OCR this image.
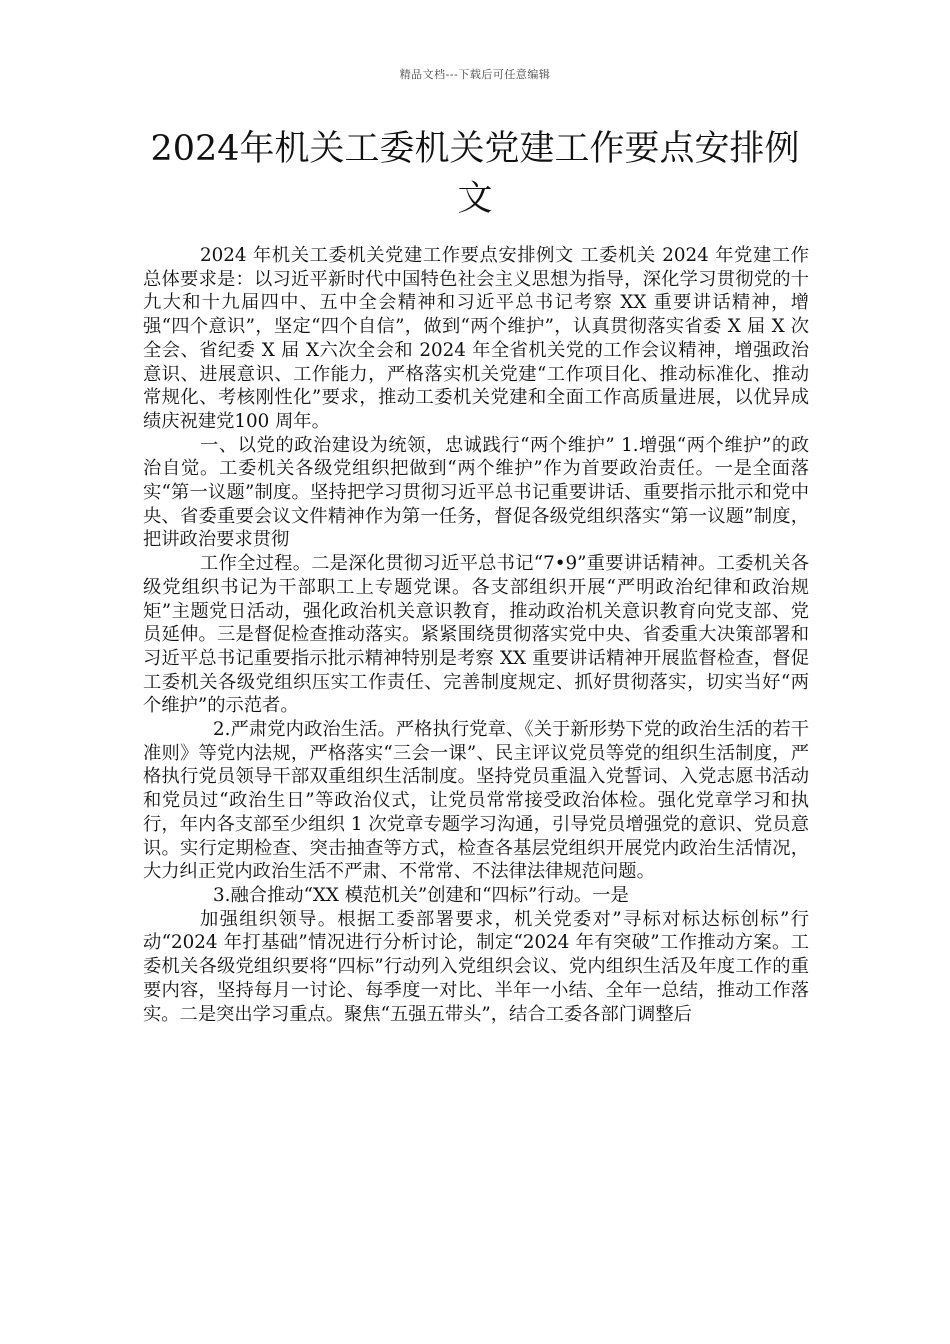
精品文档---下载后可任意编辑
2024年机关工委机关党建工作要点安排例文

2024 年机关工委机关党建工作要点安排例文 工委机关 2024 年党建工作总体要求是：以习近平新时代中国特色社会主义思想为指导，深化学习贯彻党的十九大和十九届四中、五中全会精神和习近平总书记考察 XX 重要讲话精神，增强“四个意识”，坚定“四个自信”，做到“两个维护”，认真贯彻落实省委 X 届 X 次全会、省纪委 X 届 X六次全会和 2024 年全省机关党的工作会议精神，增强政治意识、进展意识、工作能力，严格落实机关党建“工作项目化、推动标准化、推动常规化、考核刚性化”要求，推动工委机关党建和全面工作高质量进展，以优异成绩庆祝建党100 周年。

一、以党的政治建设为统领，忠诚践行“两个维护” 1.增强“两个维护”的政治自觉。工委机关各级党组织把做到“两个维护”作为首要政治责任。一是全面落实“第一议题”制度。坚持把学习贯彻习近平总书记重要讲话、重要指示批示和党中央、省委重要会议文件精神作为第一任务，督促各级党组织落实“第一议题”制度，把讲政治要求贯彻

工作全过程。二是深化贯彻习近平总书记“7•9”重要讲话精神。工委机关各级党组织书记为干部职工上专题党课。各支部组织开展“严明政治纪律和政治规矩”主题党日活动，强化政治机关意识教育，推动政治机关意识教育向党支部、党员延伸。三是督促检查推动落实。紧紧围绕贯彻落实党中央、省委重大决策部署和习近平总书记重要指示批示精神特别是考察 XX 重要讲话精神开展监督检查，督促工委机关各级党组织压实工作责任、完善制度规定、抓好贯彻落实，切实当好“两个维护”的示范者。

2.严肃党内政治生活。严格执行党章、《关于新形势下党的政治生活的若干准则》等党内法规，严格落实“三会一课”、民主评议党员等党的组织生活制度，严格执行党员领导干部双重组织生活制度。坚持党员重温入党誓词、入党志愿书活动和党员过“政治生日”等政治仪式，让党员常常接受政治体检。强化党章学习和执行，年内各支部至少组织 1 次党章专题学习沟通，引导党员增强党的意识、党员意识。实行定期检查、突击抽查等方式，检查各基层党组织开展党内政治生活情况，大力纠正党内政治生活不严肃、不常常、不法律法律规范问题。

3.融合推动“XX 模范机关”创建和“四标”行动。一是

加强组织领导。根据工委部署要求，机关党委对”寻标对标达标创标”行动“2024 年打基础”情况进行分析讨论，制定“2024 年有突破”工作推动方案。工委机关各级党组织要将“四标”行动列入党组织会议、党内组织生活及年度工作的重要内容，坚持每月一讨论、每季度一对比、半年一小结、全年一总结，推动工作落实。二是突出学习重点。聚焦“五强五带头”，结合工委各部门调整后
